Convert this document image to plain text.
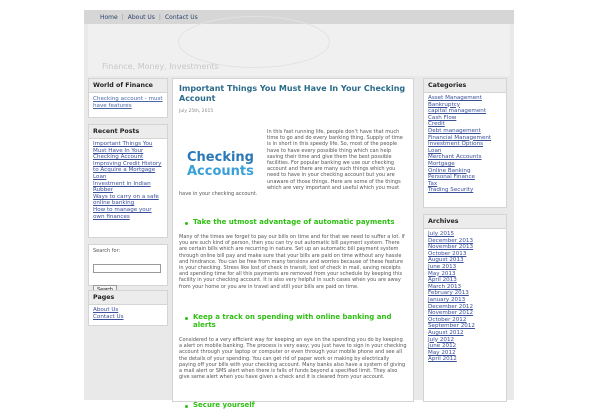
Home | About Us | Contact Us
Finance, Money, Investments
World of Finance
Checking account - must have features
Recent Posts
Important Things You Must Have In Your Checking Account
Improving Credit History to Acquire a Mortgage Loan
Investment in Indian Rubber
Ways to carry on a safe online banking
How to manage your own finances
Search for:
Pages
About Us
Contact Us
Important Things You Must Have In Your Checking Account
July 25th, 2015
Checking
Accounts
In this fast running life, people don’t have that much time to go and do every banking thing. Supply of time is in short in this speedy life. So, most of the people have to have every possible thing which can help saving their time and give them the best possible facilities. For popular banking we use our checking account and there are many such things which you need to have in your checking account but you are unaware of those things. Here are some of the things which are very important and useful which you must have in your checking account.
Take the utmost advantage of automatic payments
Many of the times we forget to pay our bills on time and for that we need to suffer a lot. If you are such kind of person, then you can try out automatic bill payment system. There are certain bills which are recurring in nature. Set up an automatic bill payment system through online bill pay and make sure that your bills are paid on time without any hassle and hindrance. You can be free from many tensions and worries because of these feature in your checking. Stress like lost of check in transit, lost of check in mail, saving receipts and spending time for all this payments are removed from your schedule by keeping this facility in your checking account. It is also very helpful in such cases when you are away from your home or you are in travel and still your bills are paid on time.
Keep a track on spending with online banking and alerts
Considered to a very efficient way for keeping an eye on the spending you do by keeping a alert on mobile banking. The process is very easy; you just have to sign in your checking account through your laptop or computer or even through your mobile phone and see all the details of your spending. You can get rid of paper work or making by electrically paying off your bills with your checking account. Many banks also have a system of giving a mail alert or SMS alert when there is falls of funds beyond a specified limit. They also give same alert when you have given a check and it is cleared from your account.
Secure yourself
Categories
Asset Management
Bankruptcy
capital management
Cash Flow
Credit
Debt management
Financial Management
Investment Options
Loan
Merchant Accounts
Mortgage
Online Banking
Personal Finance
Tax
Trading Security
Archives
July 2015
December 2013
November 2013
October 2013
August 2013
June 2013
May 2013
April 2013
March 2013
February 2013
January 2013
December 2012
November 2012
October 2012
September 2012
August 2012
July 2012
June 2012
May 2012
April 2012
